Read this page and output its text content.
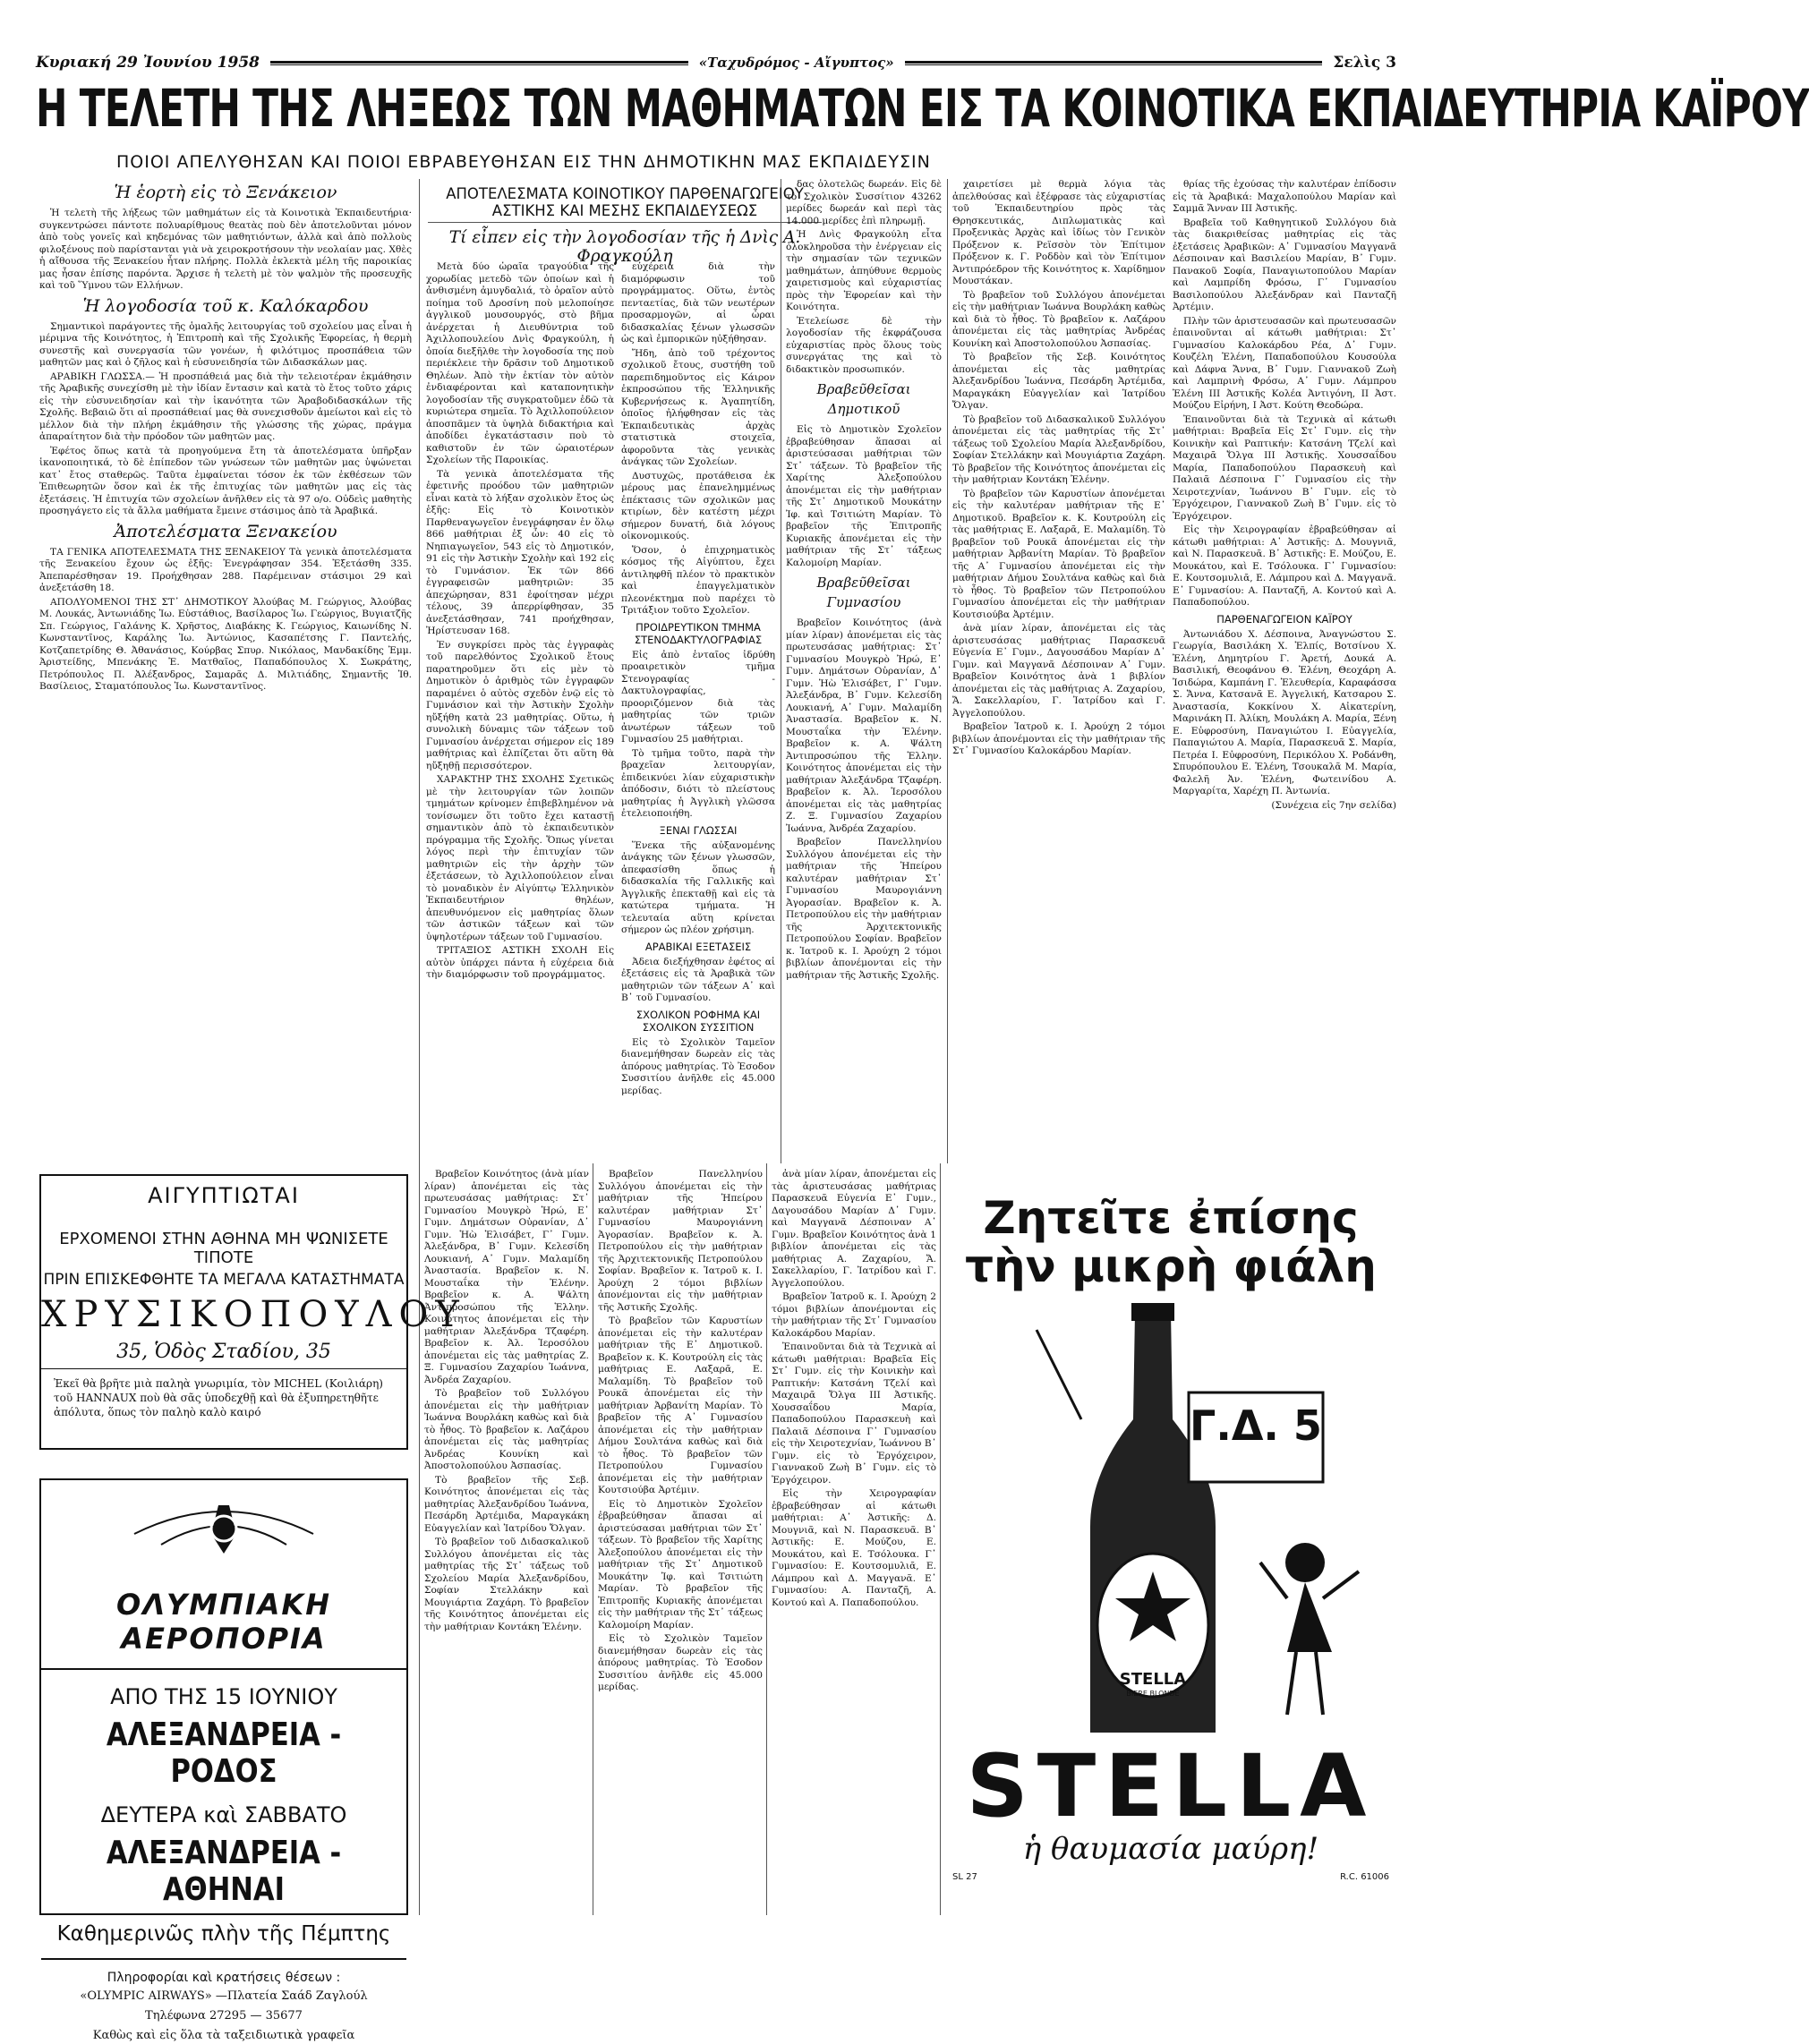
Κυριακή 29 Ἰουνίου 1958	«Ταχυδρόμος - Αἴγυπτος»	Σελὶς 3
Η ΤΕΛΕΤΗ ΤΗΣ ΛΗΞΕΩΣ ΤΩΝ ΜΑΘΗΜΑΤΩΝ ΕΙΣ ΤΑ ΚΟΙΝΟΤΙΚΑ ΕΚΠΑΙΔΕΥΤΗΡΙΑ ΚΑΪΡΟΥ
ΠΟΙΟΙ ΑΠΕΛΥΘΗΣΑΝ ΚΑΙ ΠΟΙΟΙ ΕΒΡΑΒΕΥΘΗΣΑΝ ΕΙΣ ΤΗΝ ΔΗΜΟΤΙΚΗΝ ΜΑΣ ΕΚΠΑΙΔΕΥΣΙΝ
Ἡ ἑορτὴ εἰς τὸ Ξενάκειον

Ἡ τελετὴ τῆς λήξεως τῶν μαθημάτων εἰς τὰ Κοινοτικὰ Ἐκπαιδευτήρια· συγκεντρώσει πάντοτε πολυαρίθμους θεατὰς ποὺ δὲν ἀποτελοῦνται μόνον ἀπὸ τοὺς γονεῖς καὶ κηδεμόνας τῶν μαθητιόντων, ἀλλὰ καὶ ἀπὸ πολλοὺς φιλοξένους ποὺ παρίστανται γιὰ νὰ χειροκροτήσουν τὴν νεολαίαν μας. Χθὲς ἡ αἴθουσα τῆς Ξενακείου ἦταν πλήρης. Πολλὰ ἐκλεκτὰ μέλη τῆς παροικίας μας ἦσαν ἐπίσης παρόντα. Ἄρχισε ἡ τελετὴ μὲ τὸν ψαλμὸν τῆς προσευχῆς καὶ τοῦ Ὕμνου τῶν Ελλήνων.

Ἡ λογοδοσία τοῦ κ. Καλόκαρδου

Σημαντικοὶ παράγοντες τῆς ὁμαλῆς λειτουργίας τοῦ σχολείου μας εἶναι ἡ μέριμνα τῆς Κοινότητος, ἡ Ἐπιτροπὴ καὶ τῆς Σχολικῆς Ἐφορείας, ἡ θερμὴ συνεστῆς καὶ συνεργασία τῶν γονέων, ἡ φιλότιμος προσπάθεια τῶν μαθητῶν μας καὶ ὁ ζῆλος καὶ ἡ εὐσυνειδησία τῶν Διδασκάλων μας.

ΑΡΑΒΙΚΗ ΓΛΩΣΣΑ.— Ἡ προσπάθειά μας διὰ τὴν τελειοτέραν ἐκμάθησιν τῆς Ἀραβικῆς συνεχίσθη μὲ τὴν ἰδίαν ἔντασιν καὶ κατὰ τὸ ἔτος τοῦτο χάρις εἰς τὴν εὐσυνειδησίαν καὶ τὴν ἱκανότητα τῶν Ἀραβοδιδασκάλων τῆς Σχολῆς. Βεβαιῶ ὅτι αἱ προσπάθειαί μας θὰ συνεχισθοῦν ἀμείωτοι καὶ εἰς τὸ μέλλον διὰ τὴν πλήρη ἐκμάθησιν τῆς γλώσσης τῆς χώρας, πράγμα ἀπαραίτητον διὰ τὴν πρόοδον τῶν μαθητῶν μας.

Ἐφέτος ὅπως κατὰ τὰ προηγούμενα ἔτη τὰ ἀποτελέσματα ὑπῆρξαν ἱκανοποιητικά, τὸ δὲ ἐπίπεδον τῶν γνώσεων τῶν μαθητῶν μας ὑψώνεται κατ᾽ ἔτος σταθερῶς. Ταῦτα ἐμφαίνεται τόσον ἐκ τῶν ἐκθέσεων τῶν Ἐπιθεωρητῶν ὅσον καὶ ἐκ τῆς ἐπιτυχίας τῶν μαθητῶν μας εἰς τὰς ἐξετάσεις. Ἡ ἐπιτυχία τῶν σχολείων ἀνῆλθεν εἰς τὰ 97 ο/ο. Οὐδεὶς μαθητὴς προσηγάγετο εἰς τὰ ἄλλα μαθήματα ἔμεινε στάσιμος ἀπὸ τὰ Ἀραβικά.

Ἀποτελέσματα Ξενακείου

ΤΑ ΓΕΝΙΚΑ ΑΠΟΤΕΛΕΣΜΑΤΑ ΤΗΣ ΞΕΝΑΚΕΙΟΥ Τὰ γενικὰ ἀποτελέσματα τῆς Ξενακείου ἔχουν ὡς ἑξῆς: Ἐνεγράφησαν 354. Ἐξετάσθη 335. Ἀπεπαρέσθησαν 19. Προήχθησαν 288. Παρέμειναν στάσιμοι 29 καὶ ἀνεξετάσθη 18.

ΑΠΟΛΥΟΜΕΝΟΙ ΤΗΣ ΣΤ᾽ ΔΗΜΟΤΙΚΟΥ Ἀλούβας Μ. Γεώργιος, Ἀλούβας Μ. Λουκάς, Ἀντωνιάδης Ἰω. Εὐστάθιος, Βασίλαρος Ἰω. Γεώργιος, Βυγιατζῆς Σπ. Γεώργιος, Γαλάνης Κ. Χρῆστος, Διαβάκης Κ. Γεώργιος, Καιωνίδης Ν. Κωνσταντῖνος, Καράλης Ἰω. Ἀντώνιος, Κασαπέτσης Γ. Παντελής, Κοτζαπετρίδης Θ. Ἀθανάσιος, Κούρβας Σπυρ. Νικόλαος, Μανδακίδης Ἐμμ. Ἀριστείδης, Μπενάκης Ἐ. Ματθαῖος, Παπαδόπουλος Χ. Σωκράτης, Πετρόπουλος Π. Ἀλέξανδρος, Σαμαρᾶς Δ. Μιλτιάδης, Σημαντῆς Ἰθ. Βασίλειος, Σταματόπουλος Ἰω. Κωνσταντῖνος.

ΑΠΟΤΕΛΕΣΜΑΤΑ ΚΟΙΝΟΤΙΚΟΥ ΠΑΡΘΕΝΑΓΩΓΕΙΟΥ ΑΣΤΙΚΗΣ ΚΑΙ ΜΕΣΗΣ ΕΚΠΑΙΔΕΥΣΕΩΣ
Τί εἶπεν εἰς τὴν λογοδοσίαν τῆς ἡ Δνὶς Α. Φραγκούλη

Μετὰ δύο ὡραῖα τραγούδια τῆς χορωδίας μετεδὸ τῶν ὁποίων καὶ ἡ ἀνθισμένη ἀμυγδαλιά, τὸ ὁραῖον αὐτὸ ποίημα τοῦ Δροσίνη ποὺ μελοποίησε ἀγγλικοῦ μουσουργός, στὸ βῆμα ἀνέρχεται ἡ Διευθύντρια τοῦ Ἀχιλλοπουλείου Δνὶς Φραγκούλη, ἡ ὁποία διεξῆλθε τὴν λογοδοσία της ποὺ περιέκλειε τὴν δρᾶσιν τοῦ Δημοτικοῦ Θηλέων. Ἀπὸ τὴν ἐκτίαν τὸν αὐτὸν ἐνδιαφέρονται καὶ καταπονητικὴν λογοδοσίαν τῆς συγκρατοῦμεν ἐδῶ τὰ κυριώτερα σημεῖα. Τὸ Ἀχιλλοπούλειον ἀποσπᾶμεν τὰ ὑψηλὰ διδακτήρια καὶ ἀποδίδει ἐγκατάστασιν ποὺ τὸ καθιστοῦν ἐν τῶν ὡραιοτέρων Σχολείων τῆς Παροικίας.

Τὰ γενικὰ ἀποτελέσματα τῆς ἐφετινῆς προόδου τῶν μαθητριῶν εἶναι κατὰ τὸ λήξαν σχολικὸν ἔτος ὡς ἑξῆς: Εἰς τὸ Κοινοτικὸν Παρθεναγωγεῖον ἐνεγράφησαν ἐν ὅλῳ 866 μαθήτριαι ἐξ ὧν: 40 εἰς τὸ Νηπιαγωγεῖον, 543 εἰς τὸ Δημοτικόν, 91 εἰς τὴν Ἀστικὴν Σχολὴν καὶ 192 εἰς τὸ Γυμνάσιον. Ἐκ τῶν 866 ἐγγραφεισῶν μαθητριῶν: 35 ἀπεχώρησαν, 831 ἐφοίτησαν μέχρι τέλους, 39 ἀπερρίφθησαν, 35 ἀνεξετάσθησαν, 741 προήχθησαν, Ἠρίστευσαν 168.

Ἐν συγκρίσει πρὸς τὰς ἐγγραφὰς τοῦ παρελθόντος Σχολικοῦ ἔτους παρατηροῦμεν ὅτι εἰς μὲν τὸ Δημοτικὸν ὁ ἀριθμὸς τῶν ἐγγραφῶν παραμένει ὁ αὐτὸς σχεδὸν ἐνῷ εἰς τὸ Γυμνάσιον καὶ τὴν Ἀστικὴν Σχολὴν ηὔξήθη κατὰ 23 μαθητρίας. Οὕτω, ἡ συνολικὴ δύναμις τῶν τάξεων τοῦ Γυμνασίου ἀνέρχεται σήμερον εἰς 189 μαθήτριας καὶ ἐλπίζεται ὅτι αὕτη θὰ ηὔξηθῇ περισσότερον.

ΧΑΡΑΚΤΗΡ ΤΗΣ ΣΧΟΛΗΣ Σχετικῶς μὲ τὴν λειτουργίαν τῶν λοιπῶν τμημάτων κρίνομεν ἐπιβεβλημένον νὰ τονίσωμεν ὅτι τοῦτο ἔχει καταστῇ σημαντικὸν ἀπὸ τὸ ἐκπαιδευτικὸν πρόγραμμα τῆς Σχολῆς. Ὅπως γίνεται λόγος περὶ τὴν ἐπιτυχίαν τῶν μαθητριῶν εἰς τὴν ἀρχὴν τῶν ἐξετάσεων, τὸ Ἀχιλλοπούλειον εἶναι τὸ μοναδικὸν ἐν Αἰγύπτῳ Ἑλληνικὸν Ἐκπαιδευτήριον θηλέων, ἀπευθυνόμενον εἰς μαθητρίας ὅλων τῶν ἀστικῶν τάξεων καὶ τῶν ὑψηλοτέρων τάξεων τοῦ Γυμνασίου.

ΤΡΙΤΑΞΙΟΣ ΑΣΤΙΚΗ ΣΧΟΛΗ Εἰς αὐτὸν ὑπάρχει πάντα ἡ εὐχέρεια διὰ τὴν διαμόρφωσιν τοῦ προγράμματος.

εὐχέρεια διὰ τὴν διαμόρφωσιν τοῦ προγράμματος. Οὕτω, ἐντὸς πενταετίας, διὰ τῶν νεωτέρων προσαρμογῶν, αἱ ὧραι διδασκαλίας ξένων γλωσσῶν ὡς καὶ ἐμπορικῶν ηὐξήθησαν.

Ἤδη, ἀπὸ τοῦ τρέχοντος σχολικοῦ ἔτους, συστήθη τοῦ παρεπιδημοῦντος εἰς Κάιρον ἐκπροσώπου τῆς Ἑλληνικῆς Κυβερνήσεως κ. Ἀγαπητίδη, ὁποῖος ἠλήφθησαν εἰς τὰς Ἐκπαιδευτικὰς ἀρχὰς στατιστικὰ στοιχεῖα, ἀφοροῦντα τὰς γενικὰς ἀνάγκας τῶν Σχολείων.

Δυστυχῶς, προτάθεισα ἐκ μέρους μας ἐπανελημμένως ἐπέκτασις τῶν σχολικῶν μας κτιρίων, δὲν κατέστη μέχρι σήμερον δυνατή, διὰ λόγους οἰκονομικούς.

Ὅσον, ὁ ἐπιχρηματικὸς κόσμος τῆς Αἰγύπτου, ἔχει ἀντιληφθῆ πλέον τὸ πρακτικὸν καὶ ἐπαγγελματικὸν πλεονέκτημα ποὺ παρέχει τὸ Τριτάξιον τοῦτο Σχολεῖον.

ΠΡΟΙΔΡΕΥΤΙΚΟΝ ΤΜΗΜΑ ΣΤΕΝΟΔΑΚΤΥΛΟΓΡΑΦΙΑΣ

Εἰς ἀπὸ ἑνταῖος ἱδρύθη προαιρετικὸν τμῆμα Στενογραφίας - Δακτυλογραφίας, προοριζόμενον διὰ τὰς μαθητρίας τῶν τριῶν ἀνωτέρων τάξεων τοῦ Γυμνασίου 25 μαθήτριαι.

Τὸ τμῆμα τοῦτο, παρὰ τὴν βραχεῖαν λειτουργίαν, ἐπιδεικνύει λίαν εὐχαριστικὴν ἀπόδοσιν, διότι τὸ πλείστους μαθητρίας ἡ Ἀγγλικὴ γλῶσσα ἐτελειοποιήθη.

ΞΕΝΑΙ ΓΛΩΣΣΑΙ

Ἕνεκα τῆς αὐξανομένης ἀνάγκης τῶν ξένων γλωσσῶν, ἀπεφασίσθη ὅπως ἡ διδασκαλία τῆς Γαλλικῆς καὶ Ἀγγλικῆς ἐπεκταθῇ καὶ εἰς τὰ κατώτερα τμήματα. Ἡ τελευταία αὕτη κρίνεται σήμερον ὡς πλέον χρήσιμη.

ΑΡΑΒΙΚΑΙ ΕΞΕΤΑΣΕΙΣ

Ἀδεια διεξήχθησαν ἐφέτος αἱ ἐξετάσεις εἰς τὰ Ἀραβικὰ τῶν μαθητριῶν τῶν τάξεων Α᾽ καὶ Β᾽ τοῦ Γυμνασίου.

ΣΧΟΛΙΚΟΝ ΡΟΦΗΜΑ ΚΑΙ ΣΧΟΛΙΚΟΝ ΣΥΣΣΙΤΙΟΝ

Εἰς τὸ Σχολικὸν Ταμεῖον διανεμήθησαν δωρεὰν εἰς τὰς ἀπόρους μαθητρίας. Τὸ Ἐσοδον Συσσιτίου ἀνῆλθε εἰς 45.000 μερίδας.

δας ὁλοτελῶς δωρεάν. Εἰς δὲ τὸ Σχολικὸν Συσσίτιον 43262 μερίδες δωρεάν καὶ περὶ τὰς 14.000 μερίδες ἐπὶ πληρωμῇ.

Ἡ Δνὶς Φραγκούλη εἶτα ὁλοκληροῦσα τὴν ἐνέργειαν εἰς τὴν σημασίαν τῶν τεχνικῶν μαθημάτων, ἀπηύθυνε θερμοὺς χαιρετισμοὺς καὶ εὐχαριστίας πρὸς τὴν Ἐφορείαν καὶ τὴν Κοινότητα.

Ἐτελείωσε δὲ τὴν λογοδοσίαν τῆς ἐκφράζουσα εὐχαριστίας πρὸς ὅλους τοὺς συνεργάτας της καὶ τὸ διδακτικὸν προσωπικόν.

Βραβεῦθεῖσαι Δημοτικοῦ

Εἰς τὸ Δημοτικὸν Σχολεῖον ἐβραβεύθησαν ἅπασαι αἱ ἀριστεύσασαι μαθήτριαι τῶν Στ᾽ τάξεων. Τὸ βραβεῖον τῆς Χαρίτης Ἀλεξοπούλου ἀπονέμεται εἰς τὴν μαθήτριαν τῆς Στ᾽ Δημοτικοῦ Μουκάτην Ἰφ. καὶ Τσιτιώτη Μαρίαν. Τὸ βραβεῖον τῆς Ἐπιτροπῆς Κυριακῆς ἀπονέμεται εἰς τὴν μαθήτριαν τῆς Στ᾽ τάξεως Καλομοίρη Μαρίαν.

Βραβεῦθεῖσαι Γυμνασίου

Βραβεῖον Κοινότητος (ἀνὰ μίαν λίραν) ἀπονέμεται εἰς τὰς πρωτευσάσας μαθήτριας: Στ᾽ Γυμνασίου Μουγκρὸ Ἠρώ, Ε᾽ Γυμν. Δημάτσων Οὐρανίαν, Δ᾽ Γυμν. Ἡὼ Ἐλισάβετ, Γ᾽ Γυμν. Ἀλεξάνδρα, Β᾽ Γυμν. Κελεσίδη Λουκιανή, Α᾽ Γυμν. Μαλαμίδη Ἀναστασία. Βραβεῖον κ. Ν. Μουσταΐκα τὴν Ἑλένην. Βραβεῖον κ. Α. Ψάλτη Ἀντιπροσώπου τῆς Ἑλλην. Κοινότητος ἀπονέμεται εἰς τὴν μαθήτριαν Ἀλεξάνδρα Τζαφέρη. Βραβεῖον κ. Ἀλ. Ἱεροσόλου ἀπονέμεται εἰς τὰς μαθητρίας Ζ. Ξ. Γυμνασίου Ζαχαρίου Ἰωάννα, Ἀνδρέα Ζαχαρίου.

Βραβεῖον Πανελληνίου Συλλόγου ἀπονέμεται εἰς τὴν μαθήτριαν τῆς Ἡπείρου καλυτέραν μαθήτριαν Στ᾽ Γυμνασίου Μαυρογιάννη Ἀγορασίαν. Βραβεῖον κ. Ἀ. Πετροπούλου εἰς τὴν μαθήτριαν τῆς Ἀρχιτεκτονικῆς Πετροπούλου Σοφίαν. Βραβεῖον κ. Ἰατροῦ κ. Ι. Ἀρούχη 2 τόμοι βιβλίων ἀπονέμονται εἰς τὴν μαθήτριαν τῆς Ἀστικῆς Σχολῆς.

χαιρετίσει μὲ θερμὰ λόγια τὰς ἀπελθούσας καὶ ἐξέφρασε τὰς εὐχαριστίας τοῦ Ἐκπαιδευτηρίου πρὸς τὰς Θρησκευτικάς, Διπλωματικὰς καὶ Προξενικὰς Ἀρχὰς καὶ ἰδίως τὸν Γενικὸν Πρόξενον κ. Ρεϊσσὸν τὸν Ἐπίτιμον Πρόξενον κ. Γ. Ροδδὸν καὶ τὸν Ἐπίτιμον Ἀντιπρόεδρον τῆς Κοινότητος κ. Χαρίδημον Μουστάκαν.

Τὸ βραβεῖον τοῦ Συλλόγου ἀπονέμεται εἰς τὴν μαθήτριαν Ἰωάννα Βουρλάκη καθὼς καὶ διὰ τὸ ἦθος. Τὸ βραβεῖον κ. Λαζάρου ἀπονέμεται εἰς τὰς μαθητρίας Ἀνδρέας Κουνίκη καὶ Ἀποστολοπούλου Ἀσπασίας.

Τὸ βραβεῖον τῆς Σεβ. Κοινότητος ἀπονέμεται εἰς τὰς μαθητρίας Ἀλεξανδρίδου Ἰωάννα, Πεσάρδη Ἀρτέμιδα, Μαραγκάκη Εὐαγγελίαν καὶ Ἰατρίδου Ὄλγαν.

Τὸ βραβεῖον τοῦ Διδασκαλικοῦ Συλλόγου ἀπονέμεται εἰς τὰς μαθητρίας τῆς Στ᾽ τάξεως τοῦ Σχολείου Μαρία Ἀλεξανδρίδου, Σοφίαν Στελλάκην καὶ Μουγιάρτια Ζαχάρη. Τὸ βραβεῖον τῆς Κοινότητος ἀπονέμεται εἰς τὴν μαθήτριαν Κοντάκη Ἐλένην.

Τὸ βραβεῖον τῶν Καρυστίων ἀπονέμεται εἰς τὴν καλυτέραν μαθήτριαν τῆς Ε᾽ Δημοτικοῦ. Βραβεῖον κ. Κ. Κουτρούλη εἰς τὰς μαθήτριας Ε. Λαξαρᾶ, Ε. Μαλαμίδη. Τὸ βραβεῖον τοῦ Ρουκᾶ ἀπονέμεται εἰς τὴν μαθήτριαν Ἀρβανίτη Μαρίαν. Τὸ βραβεῖον τῆς Α᾽ Γυμνασίου ἀπονέμεται εἰς τὴν μαθήτριαν Δήμου Σουλτάνα καθὼς καὶ διὰ τὸ ἦθος. Τὸ βραβεῖον τῶν Πετροπούλου Γυμνασίου ἀπονέμεται εἰς τὴν μαθήτριαν Κουτσιούβα Ἀρτέμιν.

ἀνὰ μίαν λίραν, ἀπονέμεται εἰς τὰς ἀριστευσάσας μαθήτριας Παρασκευᾶ Εὐγενία Ε᾽ Γυμν., Δαγουσάδου Μαρίαν Δ᾽ Γυμν. καὶ Μαγγανᾶ Δέσποιναν Α᾽ Γυμν. Βραβεῖον Κοινότητος ἀνὰ 1 βιβλίον ἀπονέμεται εἰς τὰς μαθήτριας Α. Ζαχαρίου, Ἄ. Σακελλαρίου, Γ. Ἰατρίδου καὶ Γ. Ἀγγελοπούλου.

Βραβεῖον Ἰατροῦ κ. Ι. Ἀρούχη 2 τόμοι βιβλίων ἀπονέμονται εἰς τὴν μαθήτριαν τῆς Στ᾽ Γυμνασίου Καλοκάρδου Μαρίαν.

θρίας τῆς ἐχούσας τὴν καλυτέραν ἐπίδοσιν εἰς τὰ Ἀραβικά: Μαχαλοπούλου Μαρίαν καὶ Σαμμᾶ Ἄνναν ΙΙΙ Ἀστικῆς.

Βραβεῖα τοῦ Καθηγητικοῦ Συλλόγου διὰ τὰς διακριθείσας μαθητρίας εἰς τὰς ἐξετάσεις Ἀραβικῶν: Α᾽ Γυμνασίου Μαγγανᾶ Δέσποιναν καὶ Βασιλείου Μαρίαν, Β᾽ Γυμν. Πανακοῦ Σοφία, Παναγιωτοπούλου Μαρίαν καὶ Λαμπρίδη Φρόσω, Γ᾽ Γυμνασίου Βασιλοπούλου Ἀλεξάνδραν καὶ Πανταζῆ Ἀρτέμιν.

Πλὴν τῶν ἀριστευσασῶν καὶ πρωτευσασῶν ἐπαινοῦνται αἱ κάτωθι μαθήτριαι: Στ᾽ Γυμνασίου Καλοκάρδου Ρέα, Δ᾽ Γυμν. Κουζέλη Ἑλένη, Παπαδοπούλου Κουσούλα καὶ Δάφνα Ἄννα, Β᾽ Γυμν. Γιαννακοῦ Ζωὴ καὶ Λαμπρινὴ Φρόσω, Α᾽ Γυμν. Λάμπρου Ἑλένη ΙΙΙ Ἀστικῆς Κολέα Ἀντιγόνη, ΙΙ Ἀστ. Μούζου Εἰρήνη, Ι Ἀστ. Κούτη Θεοδώρα.

Ἐπαινοῦνται διὰ τὰ Τεχνικὰ αἱ κάτωθι μαθήτριαι: Βραβεῖα Εἰς Στ᾽ Γυμν. εἰς τὴν Κοινικὴν καὶ Ραπτικήν: Κατσάνη Τζελί καὶ Μαχαιρᾶ Ὄλγα ΙΙΙ Ἀστικῆς. Χουσσαΐδου Μαρία, Παπαδοπούλου Παρασκευὴ καὶ Παλαιᾶ Δέσποινα Γ᾽ Γυμνασίου εἰς τὴν Χειροτεχνίαν, Ἰωάννου Β᾽ Γυμν. εἰς τὸ Ἐργόχειρον, Γιαννακοῦ Ζωὴ Β᾽ Γυμν. εἰς τὸ Ἐργόχειρον.

Εἰς τὴν Χειρογραφίαν ἐβραβεύθησαν αἱ κάτωθι μαθήτριαι: Α᾽ Ἀστικῆς: Δ. Μουγνιᾶ, καὶ Ν. Παρασκευᾶ. Β᾽ Ἀστικῆς: Ε. Μούζου, Ε. Μουκάτου, καὶ Ε. Τσόλουκα. Γ᾽ Γυμνασίου: Ε. Κουτσομυλιᾶ, Ε. Λάμπρου καὶ Δ. Μαγγανᾶ. Ε᾽ Γυμνασίου: Α. Πανταζῆ, Α. Κοντού καὶ Α. Παπαδοπούλου.

ΠΑΡΘΕΝΑΓΩΓΕΙΟΝ ΚΑΪΡΟΥ

Ἀντωνιάδου Χ. Δέσποινα, Ἀναγνώστου Σ. Γεωργία, Βασιλάκη Χ. Ἐλπίς, Βοτσίνου Χ. Ἑλένη, Δημητρίου Γ. Ἀρετή, Δουκά Α. Βασιλική, Θεοφάνου Θ. Ἑλένη, Θεοχάρη Α. Ἰσιδώρα, Καμπάνη Γ. Ἐλευθερία, Καραφάσσα Σ. Ἄννα, Κατσανᾶ Ε. Ἀγγελική, Κατσαρου Σ. Ἀναστασία, Κοκκίνου Χ. Αἰκατερίνη, Μαρινάκη Π. Ἀλίκη, Μουλάκη Α. Μαρία, Ξένη Ε. Εὐφροσύνη, Παναγιώτου Ι. Εὐαγγελία, Παπαγιώτου Α. Μαρία, Παρασκευᾶ Σ. Μαρία, Πετρέα Ι. Εὐφροσύνη, Περικόλου Χ. Ροδάνθη, Σπυρόπουλου Ε. Ἑλένη, Τσουκαλᾶ Μ. Μαρία, Φαλελῆ Ἀν. Ἐλένη, Φωτεινίδου Α. Μαργαρίτα, Χαρέχη Π. Ἀντωνία.

(Συνέχεια εἰς 7ην σελίδα)

Βραβεῖον Κοινότητος (ἀνὰ μίαν λίραν) ἀπονέμεται εἰς τὰς πρωτευσάσας μαθήτριας: Στ᾽ Γυμνασίου Μουγκρὸ Ἠρώ, Ε᾽ Γυμν. Δημάτσων Οὐρανίαν, Δ᾽ Γυμν. Ἡὼ Ἐλισάβετ, Γ᾽ Γυμν. Ἀλεξάνδρα, Β᾽ Γυμν. Κελεσίδη Λουκιανή, Α᾽ Γυμν. Μαλαμίδη Ἀναστασία. Βραβεῖον κ. Ν. Μουσταΐκα τὴν Ἑλένην. Βραβεῖον κ. Α. Ψάλτη Ἀντιπροσώπου τῆς Ἑλλην. Κοινότητος ἀπονέμεται εἰς τὴν μαθήτριαν Ἀλεξάνδρα Τζαφέρη. Βραβεῖον κ. Ἀλ. Ἱεροσόλου ἀπονέμεται εἰς τὰς μαθητρίας Ζ. Ξ. Γυμνασίου Ζαχαρίου Ἰωάννα, Ἀνδρέα Ζαχαρίου.

Τὸ βραβεῖον τοῦ Συλλόγου ἀπονέμεται εἰς τὴν μαθήτριαν Ἰωάννα Βουρλάκη καθὼς καὶ διὰ τὸ ἦθος. Τὸ βραβεῖον κ. Λαζάρου ἀπονέμεται εἰς τὰς μαθητρίας Ἀνδρέας Κουνίκη καὶ Ἀποστολοπούλου Ἀσπασίας.

Τὸ βραβεῖον τῆς Σεβ. Κοινότητος ἀπονέμεται εἰς τὰς μαθητρίας Ἀλεξανδρίδου Ἰωάννα, Πεσάρδη Ἀρτέμιδα, Μαραγκάκη Εὐαγγελίαν καὶ Ἰατρίδου Ὄλγαν.

Τὸ βραβεῖον τοῦ Διδασκαλικοῦ Συλλόγου ἀπονέμεται εἰς τὰς μαθητρίας τῆς Στ᾽ τάξεως τοῦ Σχολείου Μαρία Ἀλεξανδρίδου, Σοφίαν Στελλάκην καὶ Μουγιάρτια Ζαχάρη. Τὸ βραβεῖον τῆς Κοινότητος ἀπονέμεται εἰς τὴν μαθήτριαν Κοντάκη Ἐλένην.

Βραβεῖον Πανελληνίου Συλλόγου ἀπονέμεται εἰς τὴν μαθήτριαν τῆς Ἡπείρου καλυτέραν μαθήτριαν Στ᾽ Γυμνασίου Μαυρογιάννη Ἀγορασίαν. Βραβεῖον κ. Ἀ. Πετροπούλου εἰς τὴν μαθήτριαν τῆς Ἀρχιτεκτονικῆς Πετροπούλου Σοφίαν. Βραβεῖον κ. Ἰατροῦ κ. Ι. Ἀρούχη 2 τόμοι βιβλίων ἀπονέμονται εἰς τὴν μαθήτριαν τῆς Ἀστικῆς Σχολῆς.

Τὸ βραβεῖον τῶν Καρυστίων ἀπονέμεται εἰς τὴν καλυτέραν μαθήτριαν τῆς Ε᾽ Δημοτικοῦ. Βραβεῖον κ. Κ. Κουτρούλη εἰς τὰς μαθήτριας Ε. Λαξαρᾶ, Ε. Μαλαμίδη. Τὸ βραβεῖον τοῦ Ρουκᾶ ἀπονέμεται εἰς τὴν μαθήτριαν Ἀρβανίτη Μαρίαν. Τὸ βραβεῖον τῆς Α᾽ Γυμνασίου ἀπονέμεται εἰς τὴν μαθήτριαν Δήμου Σουλτάνα καθὼς καὶ διὰ τὸ ἦθος. Τὸ βραβεῖον τῶν Πετροπούλου Γυμνασίου ἀπονέμεται εἰς τὴν μαθήτριαν Κουτσιούβα Ἀρτέμιν.

Εἰς τὸ Δημοτικὸν Σχολεῖον ἐβραβεύθησαν ἅπασαι αἱ ἀριστεύσασαι μαθήτριαι τῶν Στ᾽ τάξεων. Τὸ βραβεῖον τῆς Χαρίτης Ἀλεξοπούλου ἀπονέμεται εἰς τὴν μαθήτριαν τῆς Στ᾽ Δημοτικοῦ Μουκάτην Ἰφ. καὶ Τσιτιώτη Μαρίαν. Τὸ βραβεῖον τῆς Ἐπιτροπῆς Κυριακῆς ἀπονέμεται εἰς τὴν μαθήτριαν τῆς Στ᾽ τάξεως Καλομοίρη Μαρίαν.

Εἰς τὸ Σχολικὸν Ταμεῖον διανεμήθησαν δωρεὰν εἰς τὰς ἀπόρους μαθητρίας. Τὸ Ἐσοδον Συσσιτίου ἀνῆλθε εἰς 45.000 μερίδας.

ἀνὰ μίαν λίραν, ἀπονέμεται εἰς τὰς ἀριστευσάσας μαθήτριας Παρασκευᾶ Εὐγενία Ε᾽ Γυμν., Δαγουσάδου Μαρίαν Δ᾽ Γυμν. καὶ Μαγγανᾶ Δέσποιναν Α᾽ Γυμν. Βραβεῖον Κοινότητος ἀνὰ 1 βιβλίον ἀπονέμεται εἰς τὰς μαθήτριας Α. Ζαχαρίου, Ἄ. Σακελλαρίου, Γ. Ἰατρίδου καὶ Γ. Ἀγγελοπούλου.

Βραβεῖον Ἰατροῦ κ. Ι. Ἀρούχη 2 τόμοι βιβλίων ἀπονέμονται εἰς τὴν μαθήτριαν τῆς Στ᾽ Γυμνασίου Καλοκάρδου Μαρίαν.

Ἐπαινοῦνται διὰ τὰ Τεχνικὰ αἱ κάτωθι μαθήτριαι: Βραβεῖα Εἰς Στ᾽ Γυμν. εἰς τὴν Κοινικὴν καὶ Ραπτικήν: Κατσάνη Τζελί καὶ Μαχαιρᾶ Ὄλγα ΙΙΙ Ἀστικῆς. Χουσσαΐδου Μαρία, Παπαδοπούλου Παρασκευὴ καὶ Παλαιᾶ Δέσποινα Γ᾽ Γυμνασίου εἰς τὴν Χειροτεχνίαν, Ἰωάννου Β᾽ Γυμν. εἰς τὸ Ἐργόχειρον, Γιαννακοῦ Ζωὴ Β᾽ Γυμν. εἰς τὸ Ἐργόχειρον.

Εἰς τὴν Χειρογραφίαν ἐβραβεύθησαν αἱ κάτωθι μαθήτριαι: Α᾽ Ἀστικῆς: Δ. Μουγνιᾶ, καὶ Ν. Παρασκευᾶ. Β᾽ Ἀστικῆς: Ε. Μούζου, Ε. Μουκάτου, καὶ Ε. Τσόλουκα. Γ᾽ Γυμνασίου: Ε. Κουτσομυλιᾶ, Ε. Λάμπρου καὶ Δ. Μαγγανᾶ. Ε᾽ Γυμνασίου: Α. Πανταζῆ, Α. Κοντού καὶ Α. Παπαδοπούλου.

ΑΙΓΥΠΤΙΩΤΑΙ
ΕΡΧΟΜΕΝΟΙ ΣΤΗΝ ΑΘΗΝΑ ΜΗ ΨΩΝΙΣΕΤΕ ΤΙΠΟΤΕ
ΠΡΙΝ ΕΠΙΣΚΕΦΘΗΤΕ ΤΑ ΜΕΓΑΛΑ ΚΑΤΑΣΤΗΜΑΤΑ
ΧΡΥΣΙΚΟΠΟΥΛΟΥ
35, Ὁδὸς Σταδίου, 35
Ἐκεῖ θὰ βρῆτε μιὰ παληὰ γνωριμία, τὸν MICHEL (Κοιλιάρη) τοῦ HANNAUX ποὺ θὰ σᾶς ὑποδεχθῇ καὶ θὰ ἐξυπηρετηθῆτε ἀπόλυτα, ὅπως τὸν παληὸ καλὸ καιρό
ΟΛΥΜΠΙΑΚΗ ΑΕΡΟΠΟΡΙΑ
ΑΠΟ ΤΗΣ 15 ΙΟΥΝΙΟΥ
ΑΛΕΞΑΝΔΡΕΙΑ - ΡΟΔΟΣ
ΔΕΥΤΕΡΑ καὶ ΣΑΒΒΑΤΟ
ΑΛΕΞΑΝΔΡΕΙΑ - ΑΘΗΝΑΙ
Καθημερινῶς πλὴν τῆς Πέμπτης
Πληροφορίαι καὶ κρατήσεις θέσεων :
«OLYMPIC AIRWAYS» —Πλατεία Σαάδ Ζαγλούλ
Τηλέφωνα 27295 — 35677
Καθὼς καὶ εἰς ὅλα τὰ ταξειδιωτικὰ γραφεῖα
Ζητεῖτε ἐπίσης
τὴν μικρὴ φιάλη
Γ.Δ. 5
STELLA
BIERE BLONDE
STELLA
ἡ θαυμασία μαύρη!
SL 27	R.C. 61006
